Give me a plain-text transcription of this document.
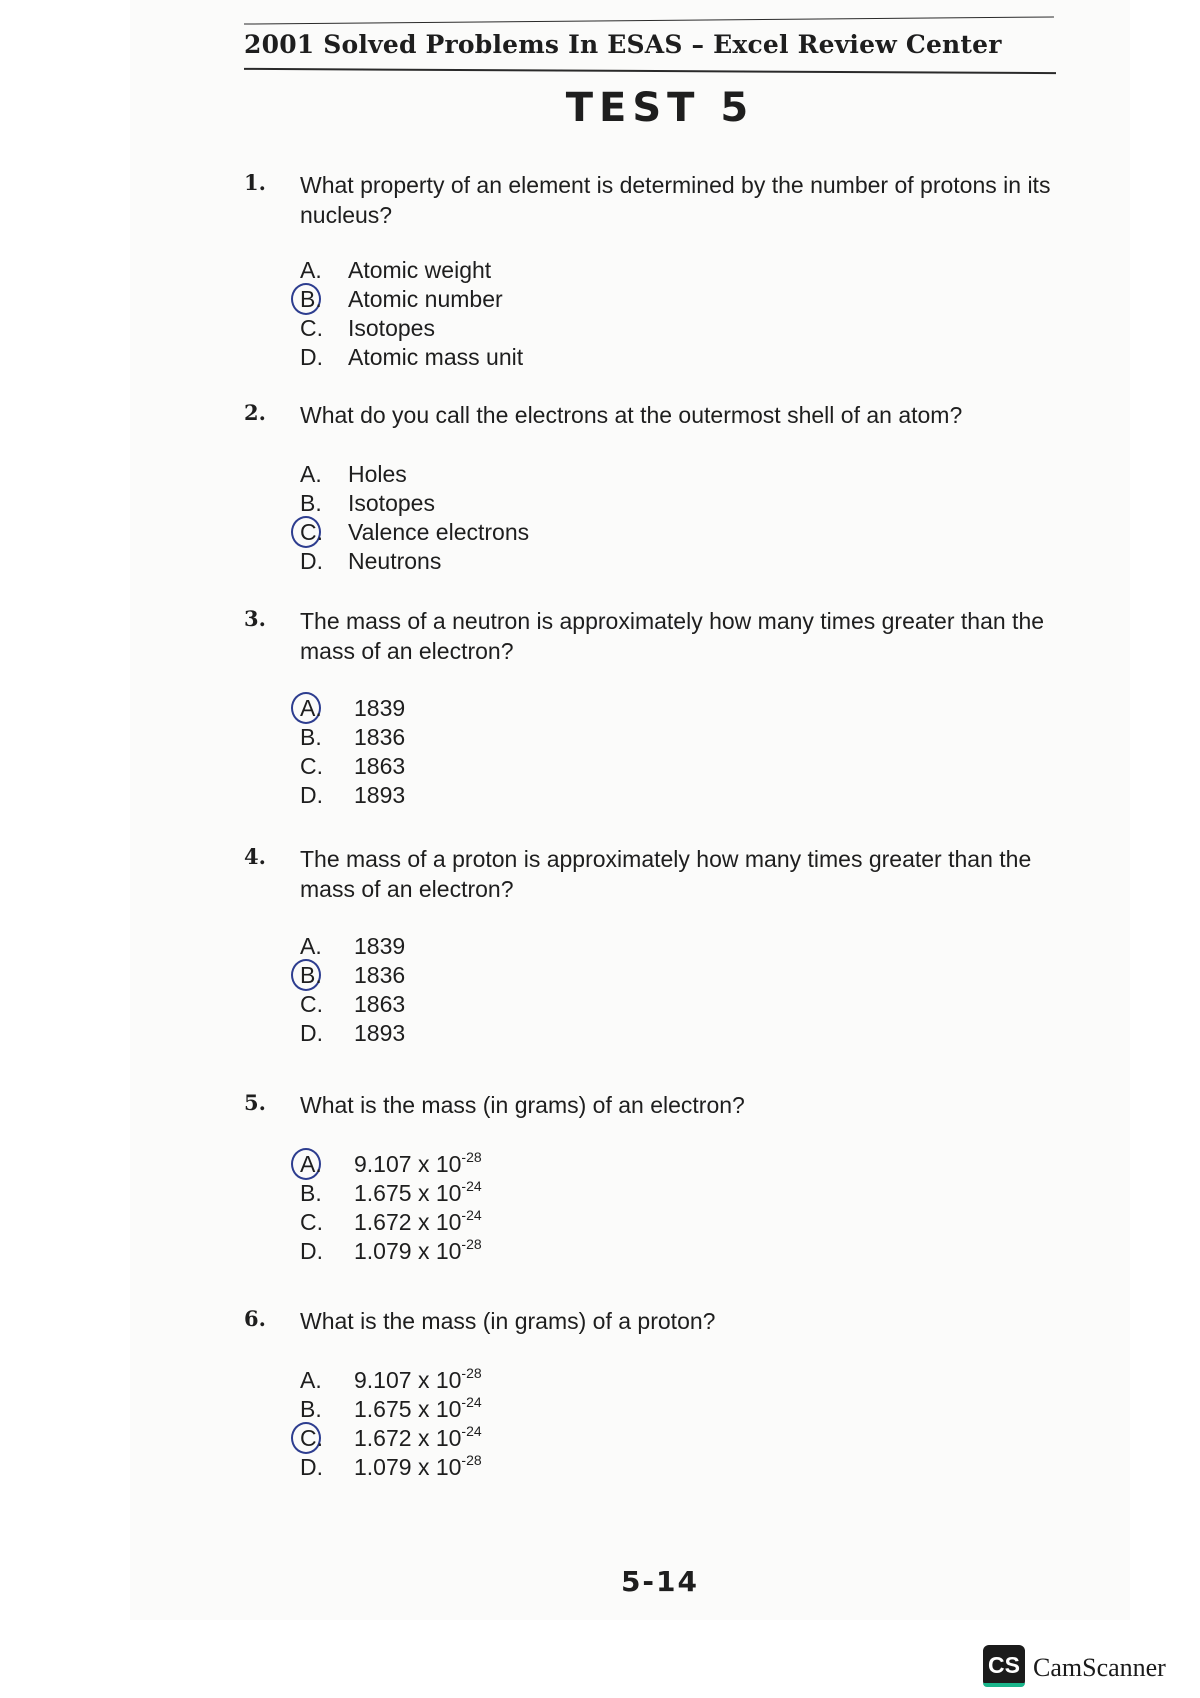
2001 Solved Problems In ESAS – Excel Review Center
TEST 5
1. What property of an element is determined by the number of protons in its nucleus?
A. Atomic weight
B. Atomic number
C. Isotopes
D. Atomic mass unit
2. What do you call the electrons at the outermost shell of an atom?
A. Holes
B. Isotopes
C. Valence electrons
D. Neutrons
3. The mass of a neutron is approximately how many times greater than the mass of an electron?
A. 1839
B. 1836
C. 1863
D. 1893
4. The mass of a proton is approximately how many times greater than the mass of an electron?
A. 1839
B. 1836
C. 1863
D. 1893
5. What is the mass (in grams) of an electron?
A. 9.107 x $10^{-28}$
B. 1.675 x $10^{-24}$
C. 1.672 x $10^{-24}$
D. 1.079 x $10^{-28}$
6. What is the mass (in grams) of a proton?
A. 9.107 x $10^{-28}$
B. 1.675 x $10^{-24}$
C. 1.672 x $10^{-24}$
D. 1.079 x $10^{-28}$
5-14
CS CamScanner
